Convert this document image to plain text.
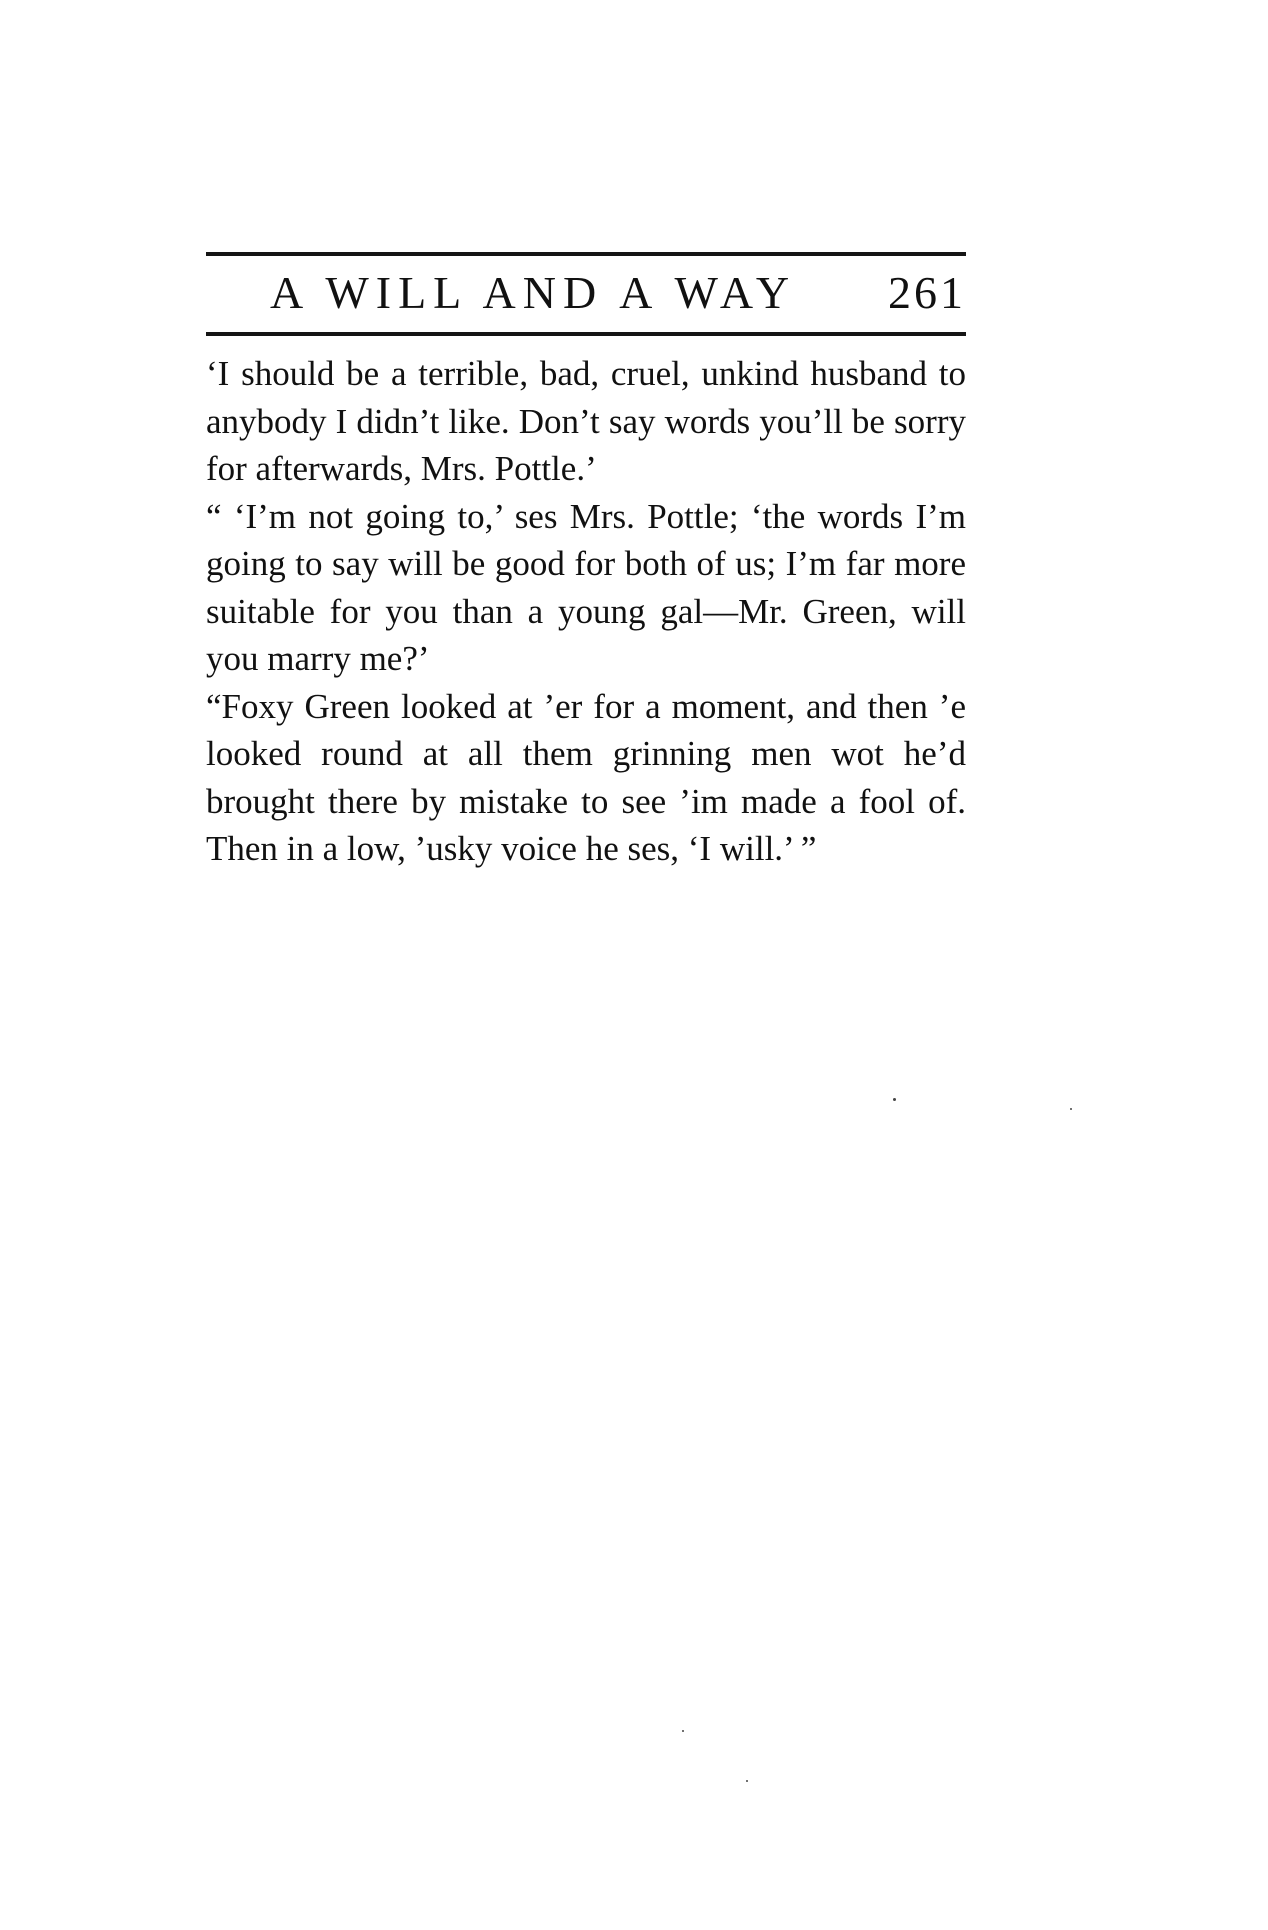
A WILL AND A WAY 261

‘I should be a terrible, bad, cruel, unkind husband to anybody I didn’t like. Don’t say words you’ll be sorry for afterwards, Mrs. Pottle.’

“ ‘I’m not going to,’ ses Mrs. Pottle; ‘the words I’m going to say will be good for both of us; I’m far more suitable for you than a young gal—Mr. Green, will you marry me?’

“Foxy Green looked at ’er for a moment, and then ’e looked round at all them grinning men wot he’d brought there by mistake to see ’im made a fool of. Then in a low, ’usky voice he ses, ‘I will.’ ”
